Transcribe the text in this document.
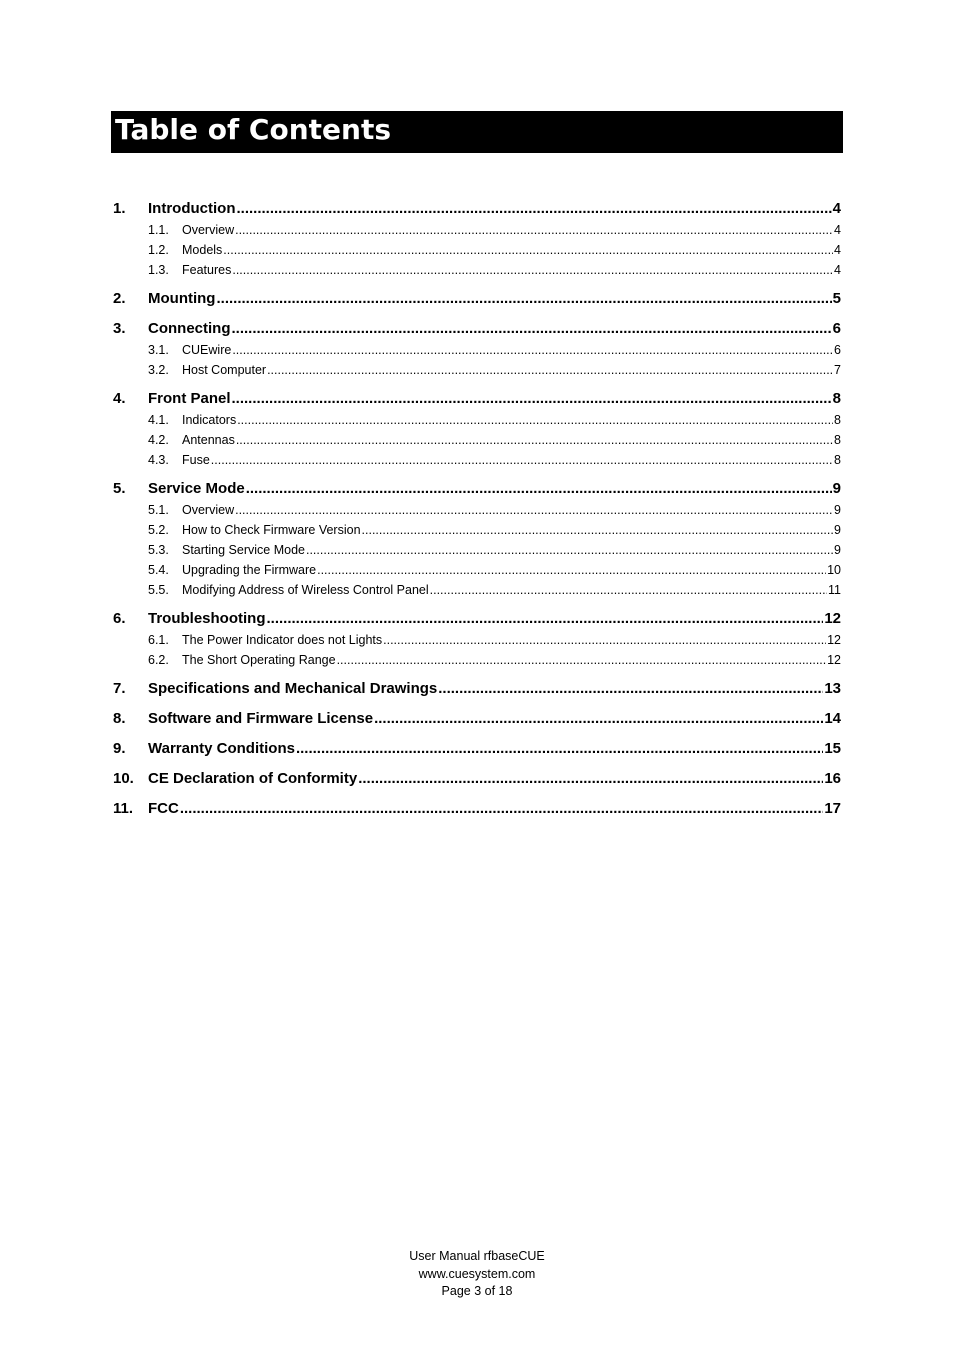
Table of Contents
1.	Introduction .....	4
1.1.	Overview .....	4
1.2.	Models .....	4
1.3.	Features .....	4
2.	Mounting .....	5
3.	Connecting .....	6
3.1.	CUEwire .....	6
3.2.	Host Computer .....	7
4.	Front Panel .....	8
4.1.	Indicators .....	8
4.2.	Antennas .....	8
4.3.	Fuse .....	8
5.	Service Mode .....	9
5.1.	Overview .....	9
5.2.	How to Check Firmware Version .....	9
5.3.	Starting Service Mode .....	9
5.4.	Upgrading the Firmware .....	10
5.5.	Modifying Address of Wireless Control Panel .....	11
6.	Troubleshooting .....	12
6.1.	The Power Indicator does not Lights .....	12
6.2.	The Short Operating Range .....	12
7.	Specifications and Mechanical Drawings .....	13
8.	Software and Firmware License .....	14
9.	Warranty Conditions .....	15
10. CE Declaration of Conformity .....	16
11. FCC .....	17
User Manual rfbaseCUE
www.cuesystem.com
Page 3 of 18
